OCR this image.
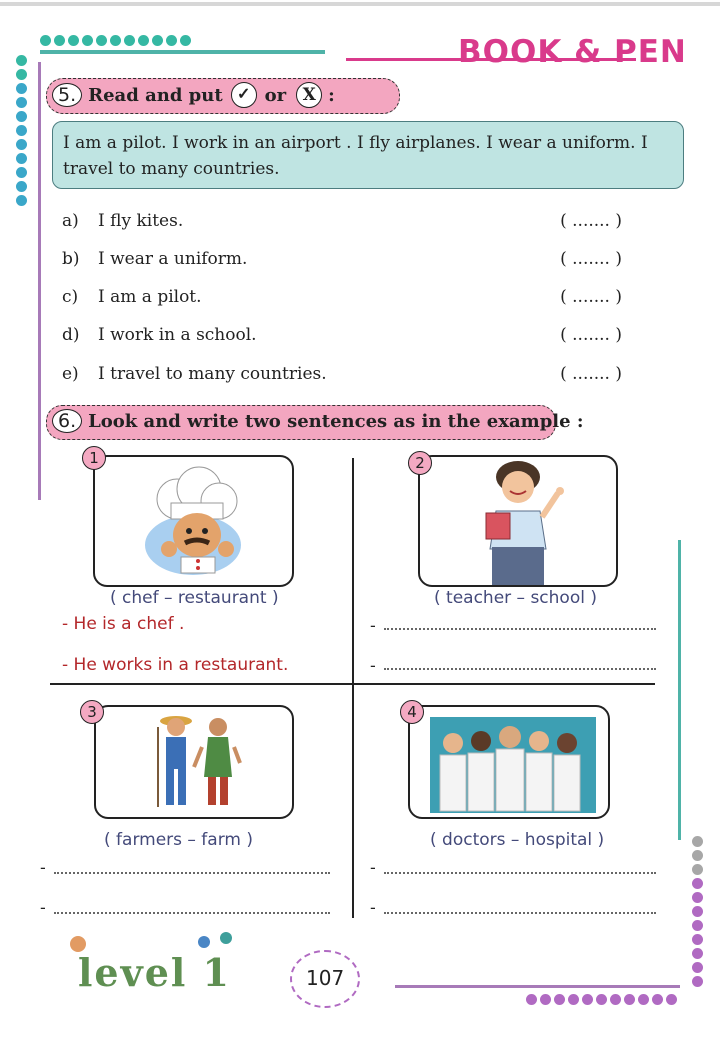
BOOK & PEN
5. Read and put ✓ or X :
I am a pilot. I work in an airport . I fly airplanes. I wear a uniform. I
travel to many countries.
a)	I fly kites.	( ....... )
b)	I wear a uniform.	( ....... )
c)	I am a pilot.	( ....... )
d)	I work in a school.	( ....... )
e)	I travel to many countries.	( ....... )
6. Look and write two sentences as in the example :
1
( chef – restaurant )
- He is a chef .
- He works in a restaurant.
2
( teacher – school )
-
-
3
( farmers – farm )
-
-
4
( doctors – hospital )
-
-
level 1	107
